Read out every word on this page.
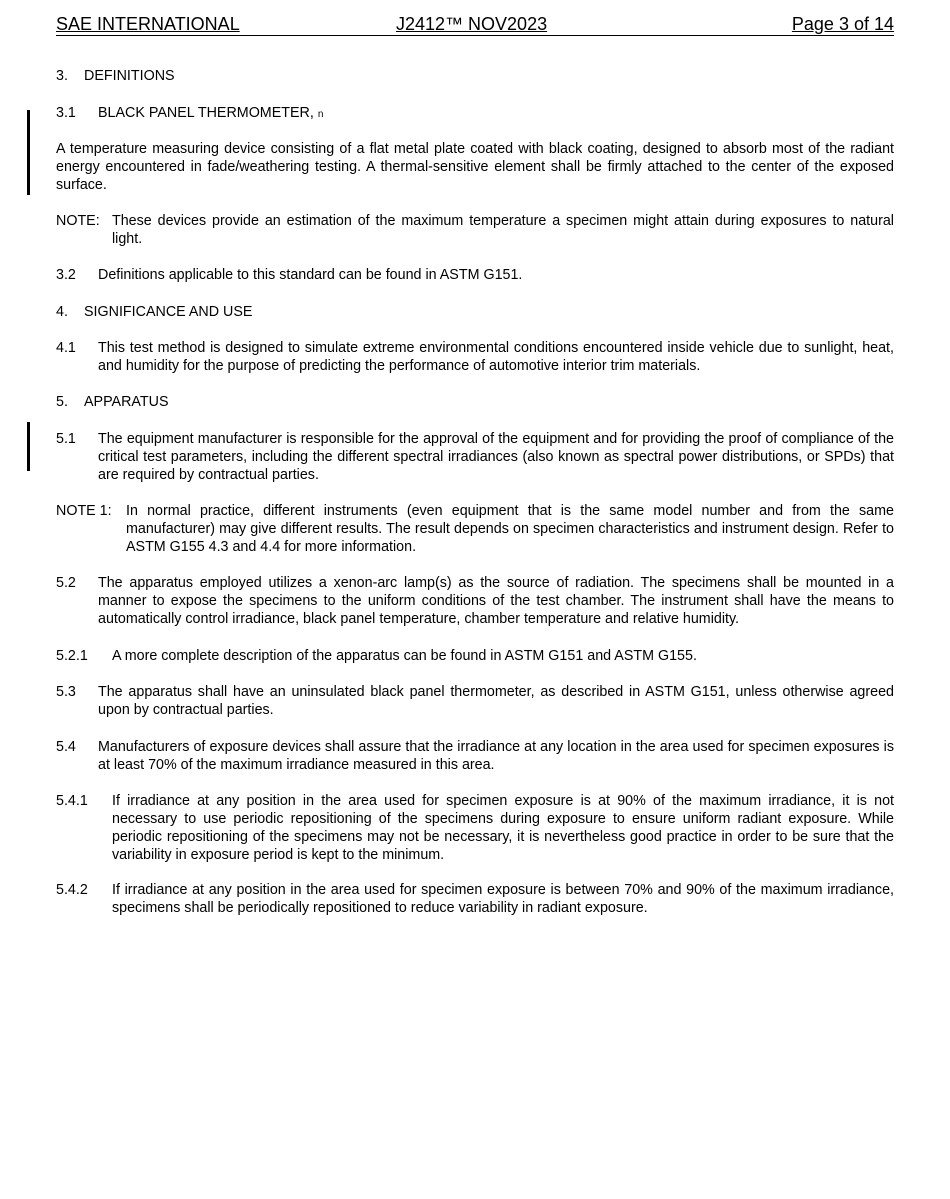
SAE INTERNATIONAL	J2412™ NOV2023	Page 3 of 14
3. DEFINITIONS
3.1	BLACK PANEL THERMOMETER, n
A temperature measuring device consisting of a flat metal plate coated with black coating, designed to absorb most of the radiant energy encountered in fade/weathering testing. A thermal-sensitive element shall be firmly attached to the center of the exposed surface.
NOTE: These devices provide an estimation of the maximum temperature a specimen might attain during exposures to natural light.
3.2	Definitions applicable to this standard can be found in ASTM G151.
4. SIGNIFICANCE AND USE
4.1	This test method is designed to simulate extreme environmental conditions encountered inside vehicle due to sunlight, heat, and humidity for the purpose of predicting the performance of automotive interior trim materials.
5. APPARATUS
5.1	The equipment manufacturer is responsible for the approval of the equipment and for providing the proof of compliance of the critical test parameters, including the different spectral irradiances (also known as spectral power distributions, or SPDs) that are required by contractual parties.
NOTE 1:	In normal practice, different instruments (even equipment that is the same model number and from the same manufacturer) may give different results. The result depends on specimen characteristics and instrument design. Refer to ASTM G155 4.3 and 4.4 for more information.
5.2	The apparatus employed utilizes a xenon-arc lamp(s) as the source of radiation. The specimens shall be mounted in a manner to expose the specimens to the uniform conditions of the test chamber. The instrument shall have the means to automatically control irradiance, black panel temperature, chamber temperature and relative humidity.
5.2.1	A more complete description of the apparatus can be found in ASTM G151 and ASTM G155.
5.3	The apparatus shall have an uninsulated black panel thermometer, as described in ASTM G151, unless otherwise agreed upon by contractual parties.
5.4	Manufacturers of exposure devices shall assure that the irradiance at any location in the area used for specimen exposures is at least 70% of the maximum irradiance measured in this area.
5.4.1	If irradiance at any position in the area used for specimen exposure is at 90% of the maximum irradiance, it is not necessary to use periodic repositioning of the specimens during exposure to ensure uniform radiant exposure. While periodic repositioning of the specimens may not be necessary, it is nevertheless good practice in order to be sure that the variability in exposure period is kept to the minimum.
5.4.2	If irradiance at any position in the area used for specimen exposure is between 70% and 90% of the maximum irradiance, specimens shall be periodically repositioned to reduce variability in radiant exposure.
